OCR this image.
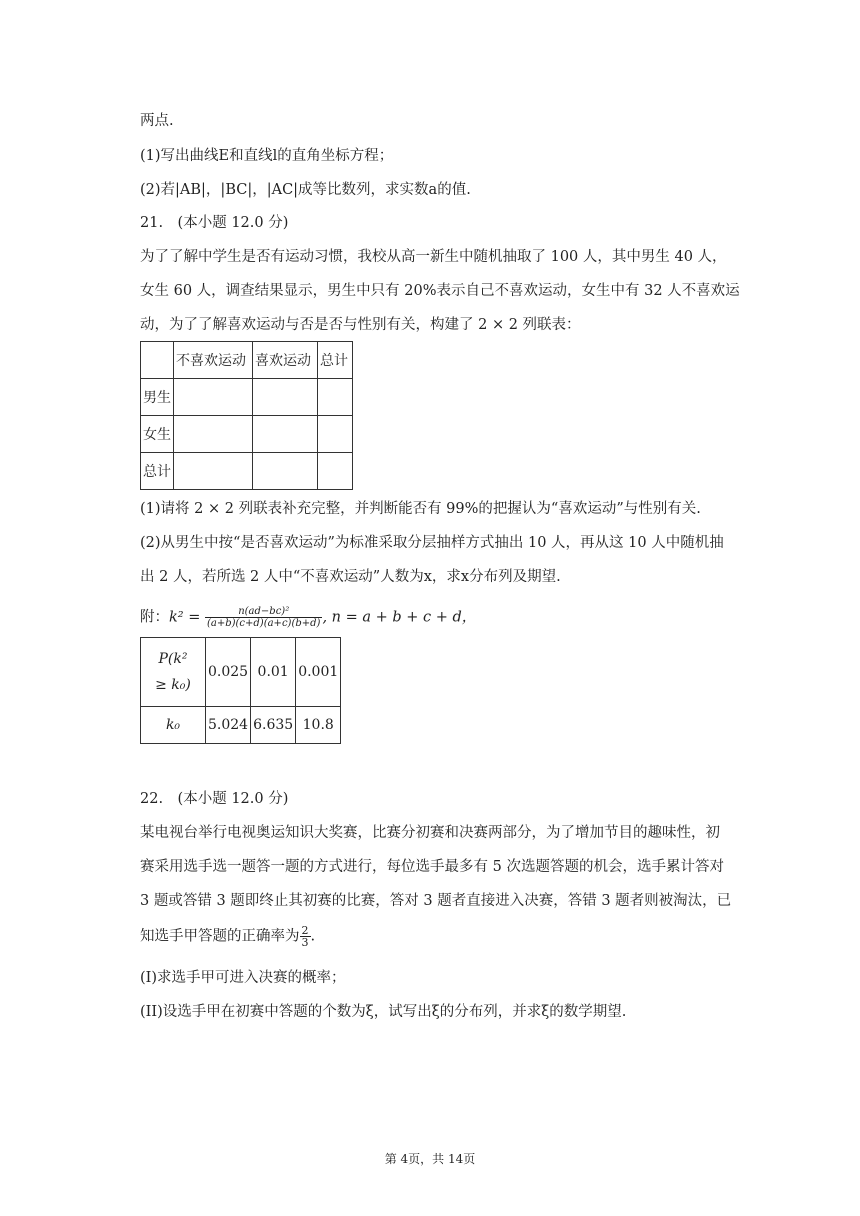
两点.
(1)写出曲线E和直线l的直角坐标方程；
(2)若|AB|，|BC|，|AC|成等比数列，求实数a的值.
21.　(本小题 12.0 分)
为了了解中学生是否有运动习惯，我校从高一新生中随机抽取了 100 人，其中男生 40 人，
女生 60 人，调查结果显示，男生中只有 20%表示自己不喜欢运动，女生中有 32 人不喜欢运
动，为了了解喜欢运动与否是否与性别有关，构建了 2 × 2 列联表：
	不喜欢运动	喜欢运动	总计
男生			
女生			
总计			
(1)请将 2 × 2 列联表补充完整，并判断能否有 99%的把握认为“喜欢运动”与性别有关.
(2)从男生中按“是否喜欢运动”为标准采取分层抽样方式抽出 10 人，再从这 10 人中随机抽
出 2 人，若所选 2 人中“不喜欢运动”人数为x，求x分布列及期望.
附：$k^2 = \frac{\text{n(ad−bc)²}}{(a+b)(c+d)(a+c)(b+d)}$ , n = a + b + c + d，
P(k²
≥ k₀)	0.025	0.01	0.001
k₀	5.024	6.635	10.8
22.　(本小题 12.0 分)
某电视台举行电视奥运知识大奖赛，比赛分初赛和决赛两部分，为了增加节目的趣味性，初
赛采用选手选一题答一题的方式进行，每位选手最多有 5 次选题答题的机会，选手累计答对
3 题或答错 3 题即终止其初赛的比赛，答对 3 题者直接进入决赛，答错 3 题者则被淘汰，已
知选手甲答题的正确率为 $\frac{2}{3}$ .
(I)求选手甲可进入决赛的概率；
(II)设选手甲在初赛中答题的个数为ξ，试写出ξ的分布列，并求ξ的数学期望.
第 4页，共 14页
